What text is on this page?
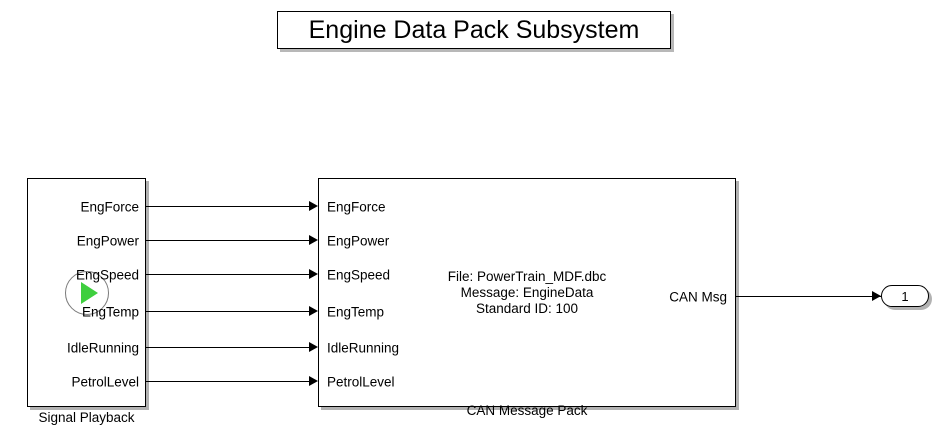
Engine Data Pack Subsystem
EngForce
EngPower
EngSpeed
EngTemp
IdleRunning
PetrolLevel
Signal Playback
EngForce
EngPower
EngSpeed
EngTemp
IdleRunning
PetrolLevel
CAN Msg
File: PowerTrain_MDF.dbc
Message: EngineData
Standard ID: 100
CAN Message Pack
1
